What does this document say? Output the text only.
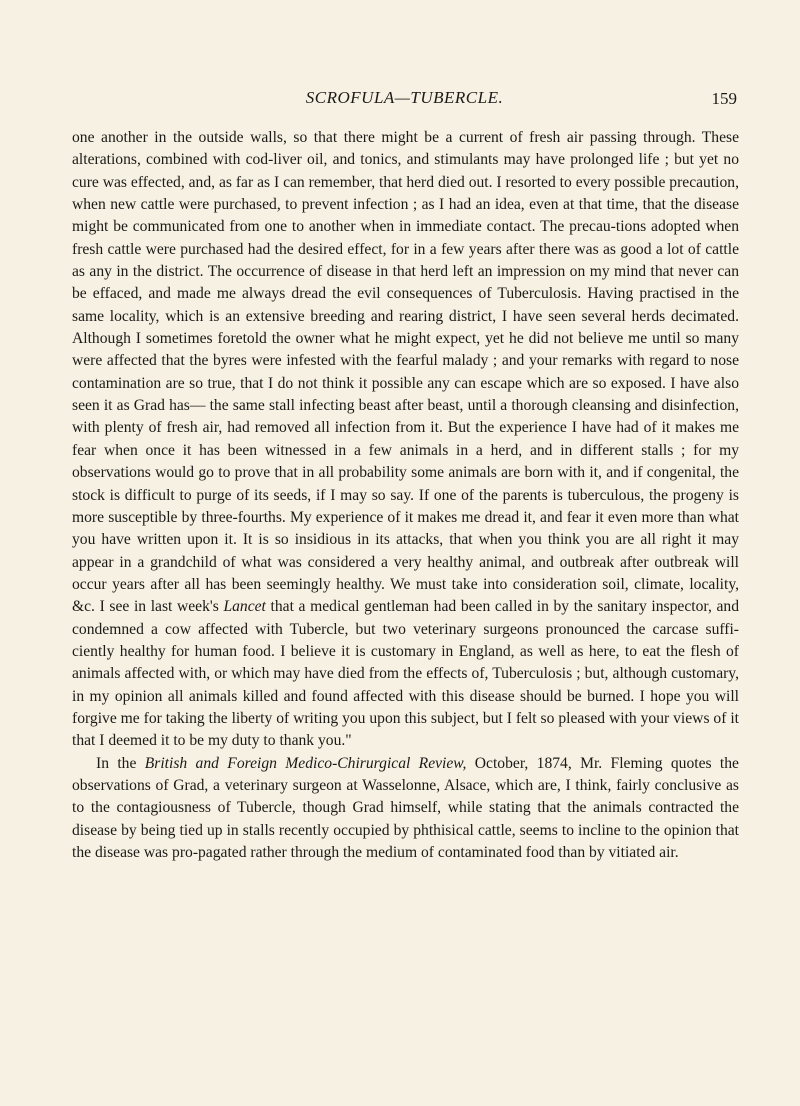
SCROFULA—TUBERCLE.	159

one another in the outside walls, so that there might be a current of fresh air passing through. These alterations, combined with cod-liver oil, and tonics, and stimulants may have prolonged life ; but yet no cure was effected, and, as far as I can remember, that herd died out. I resorted to every possible precaution, when new cattle were purchased, to prevent infection ; as I had an idea, even at that time, that the disease might be communicated from one to another when in immediate contact. The precau-tions adopted when fresh cattle were purchased had the desired effect, for in a few years after there was as good a lot of cattle as any in the district. The occurrence of disease in that herd left an impression on my mind that never can be effaced, and made me always dread the evil consequences of Tuberculosis. Having practised in the same locality, which is an extensive breeding and rearing district, I have seen several herds decimated. Although I sometimes foretold the owner what he might expect, yet he did not believe me until so many were affected that the byres were infested with the fearful malady ; and your remarks with regard to nose contamination are so true, that I do not think it possible any can escape which are so exposed. I have also seen it as Grad has— the same stall infecting beast after beast, until a thorough cleansing and disinfection, with plenty of fresh air, had removed all infection from it. But the experience I have had of it makes me fear when once it has been witnessed in a few animals in a herd, and in different stalls ; for my observations would go to prove that in all probability some animals are born with it, and if congenital, the stock is difficult to purge of its seeds, if I may so say. If one of the parents is tuberculous, the progeny is more susceptible by three-fourths. My experience of it makes me dread it, and fear it even more than what you have written upon it. It is so insidious in its attacks, that when you think you are all right it may appear in a grandchild of what was considered a very healthy animal, and outbreak after outbreak will occur years after all has been seemingly healthy. We must take into consideration soil, climate, locality, &c. I see in last week's Lancet that a medical gentleman had been called in by the sanitary inspector, and condemned a cow affected with Tubercle, but two veterinary surgeons pronounced the carcase suffi-ciently healthy for human food. I believe it is customary in England, as well as here, to eat the flesh of animals affected with, or which may have died from the effects of, Tuberculosis ; but, although customary, in my opinion all animals killed and found affected with this disease should be burned. I hope you will forgive me for taking the liberty of writing you upon this subject, but I felt so pleased with your views of it that I deemed it to be my duty to thank you."

In the British and Foreign Medico-Chirurgical Review, October, 1874, Mr. Fleming quotes the observations of Grad, a veterinary surgeon at Wasselonne, Alsace, which are, I think, fairly conclusive as to the contagiousness of Tubercle, though Grad himself, while stating that the animals contracted the disease by being tied up in stalls recently occupied by phthisical cattle, seems to incline to the opinion that the disease was pro-pagated rather through the medium of contaminated food than by vitiated air.
